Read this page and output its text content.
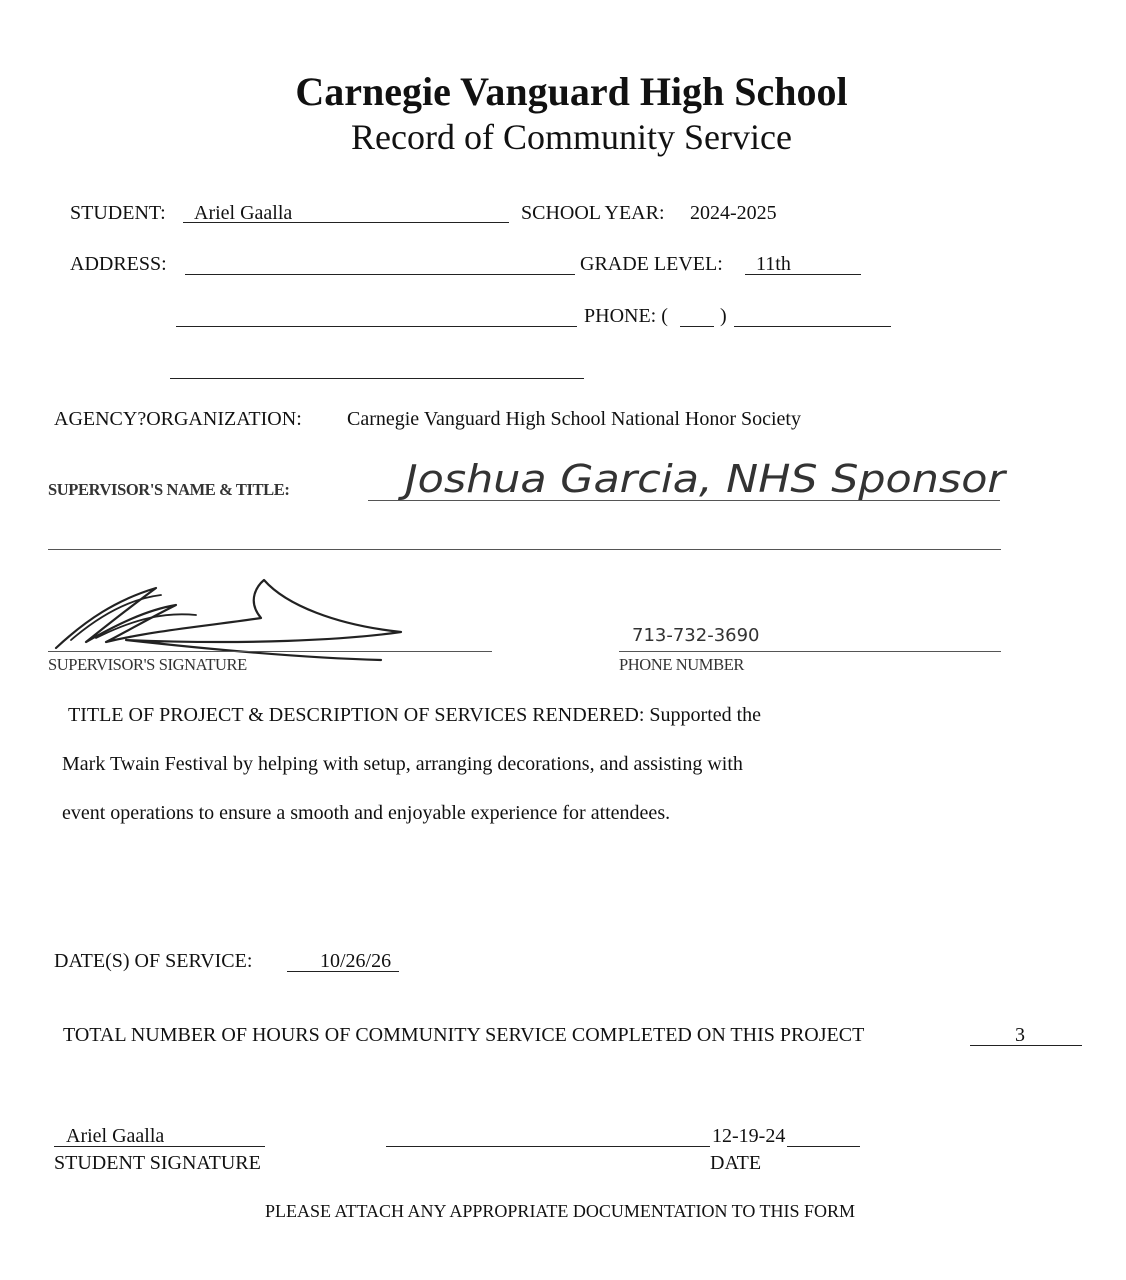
Carnegie Vanguard High School
Record of Community Service
STUDENT: Ariel Gaalla	SCHOOL YEAR: 2024-2025
ADDRESS:	GRADE LEVEL: 11th
PHONE: (	)
AGENCY?ORGANIZATION: Carnegie Vanguard High School National Honor Society
SUPERVISOR'S NAME & TITLE:	Joshua Garcia, NHS Sponsor
SUPERVISOR'S SIGNATURE
713-732-3690
PHONE NUMBER
TITLE OF PROJECT & DESCRIPTION OF SERVICES RENDERED: Supported the
Mark Twain Festival by helping with setup, arranging decorations, and assisting with
event operations to ensure a smooth and enjoyable experience for attendees.
DATE(S) OF SERVICE:	10/26/26
TOTAL NUMBER OF HOURS OF COMMUNITY SERVICE COMPLETED ON THIS PROJECT	3
Ariel Gaalla
STUDENT SIGNATURE
12-19-24
DATE
PLEASE ATTACH ANY APPROPRIATE DOCUMENTATION TO THIS FORM
